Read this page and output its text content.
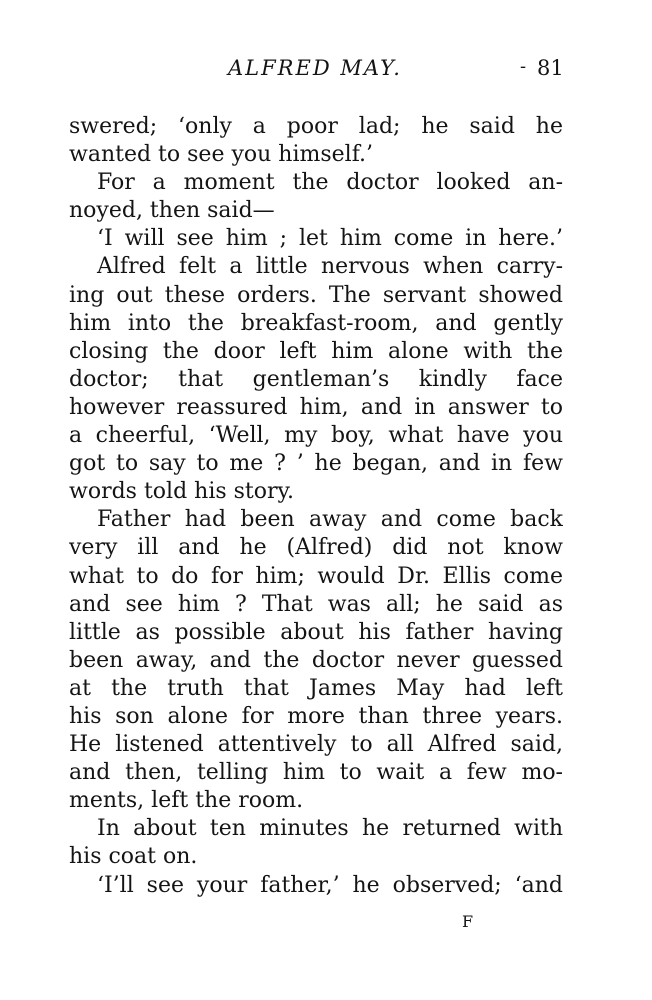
ALFRED MAY.	- 81
swered; ‘only a poor lad; he said he
wanted to see you himself.’
For a moment the doctor looked an-
noyed, then said—
‘I will see him ; let him come in here.’
Alfred felt a little nervous when carry-
ing out these orders. The servant showed
him into the breakfast-room, and gently
closing the door left him alone with the
doctor; that gentleman’s kindly face
however reassured him, and in answer to
a cheerful, ‘Well, my boy, what have you
got to say to me ? ’ he began, and in few
words told his story.
Father had been away and come back
very ill and he (Alfred) did not know
what to do for him; would Dr. Ellis come
and see him ? That was all; he said as
little as possible about his father having
been away, and the doctor never guessed
at the truth that James May had left
his son alone for more than three years.
He listened attentively to all Alfred said,
and then, telling him to wait a few mo-
ments, left the room.
In about ten minutes he returned with
his coat on.
‘I’ll see your father,’ he observed; ‘and
F
